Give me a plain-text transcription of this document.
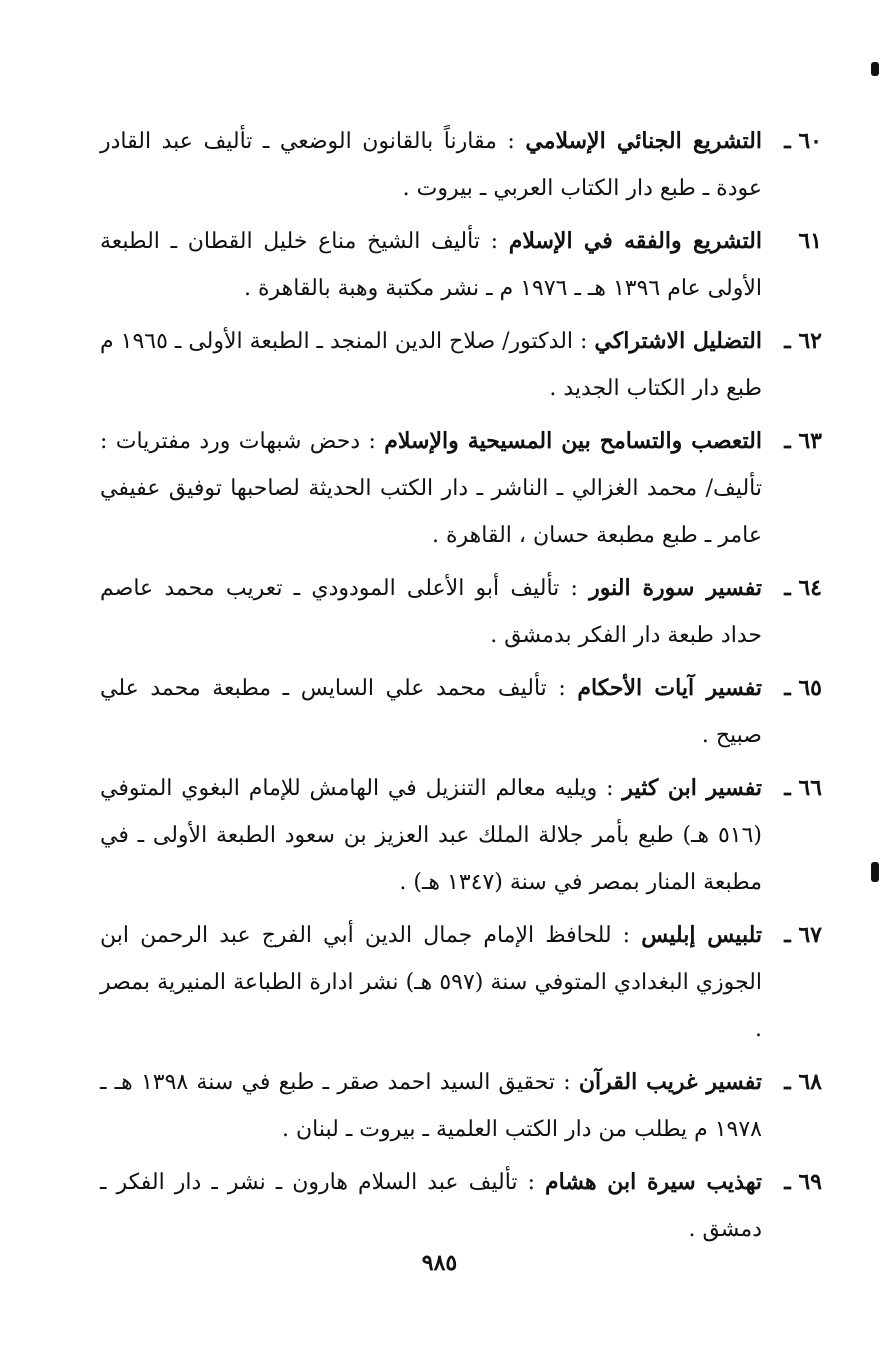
٦٠ ـ
التشريع الجنائي الإسلامي : مقارناً بالقانون الوضعي ـ تأليف عبد القادر عودة ـ طبع دار الكتاب العربي ـ بيروت .
٦١
التشريع والفقه في الإسلام : تأليف الشيخ مناع خليل القطان ـ الطبعة الأولى عام ١٣٩٦ هـ ـ ١٩٧٦ م ـ نشر مكتبة وهبة بالقاهرة .
٦٢ ـ
التضليل الاشتراكي : الدكتور/ صلاح الدين المنجد ـ الطبعة الأولى ـ ١٩٦٥ م طبع دار الكتاب الجديد .
٦٣ ـ
التعصب والتسامح بين المسيحية والإسلام : دحض شبهات ورد مفتريات : تأليف/ محمد الغزالي ـ الناشر ـ دار الكتب الحديثة لصاحبها توفيق عفيفي عامر ـ طبع مطبعة حسان ، القاهرة .
٦٤ ـ
تفسير سورة النور : تأليف أبو الأعلى المودودي ـ تعريب محمد عاصم حداد طبعة دار الفكر بدمشق .
٦٥ ـ
تفسير آيات الأحكام : تأليف محمد علي السايس ـ مطبعة محمد علي صبيح .
٦٦ ـ
تفسير ابن كثير : ويليه معالم التنزيل في الهامش للإمام البغوي المتوفي (٥١٦ هـ) طبع بأمر جلالة الملك عبد العزيز بن سعود الطبعة الأولى ـ في مطبعة المنار بمصر في سنة (١٣٤٧ هـ) .
٦٧ ـ
تلبيس إبليس : للحافظ الإمام جمال الدين أبي الفرج عبد الرحمن ابن الجوزي البغدادي المتوفي سنة (٥٩٧ هـ) نشر ادارة الطباعة المنيرية بمصر .
٦٨ ـ
تفسير غريب القرآن : تحقيق السيد احمد صقر ـ طبع في سنة ١٣٩٨ هـ ـ ١٩٧٨ م يطلب من دار الكتب العلمية ـ بيروت ـ لبنان .
٦٩ ـ
تهذيب سيرة ابن هشام : تأليف عبد السلام هارون ـ نشر ـ دار الفكر ـ دمشق .
٩٨٥
